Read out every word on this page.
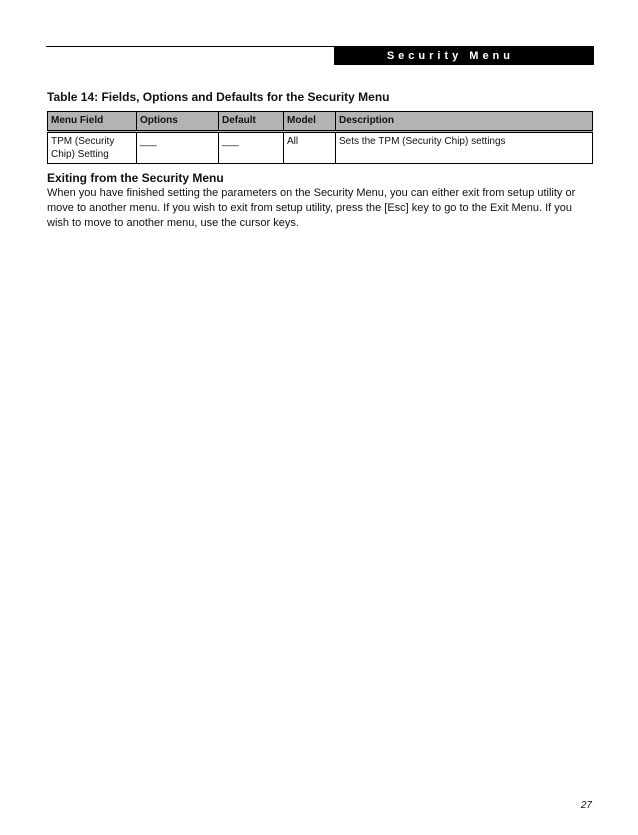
Security Menu
Table 14: Fields, Options and Defaults for the Security Menu
Menu Field	Options	Default	Model	Description
TPM (Security Chip) Setting	___	___	All	Sets the TPM (Security Chip) settings
Exiting from the Security Menu

When you have finished setting the parameters on the Security Menu, you can either exit from setup utility or move to another menu. If you wish to exit from setup utility, press the [Esc] key to go to the Exit Menu. If you wish to move to another menu, use the cursor keys.

27
